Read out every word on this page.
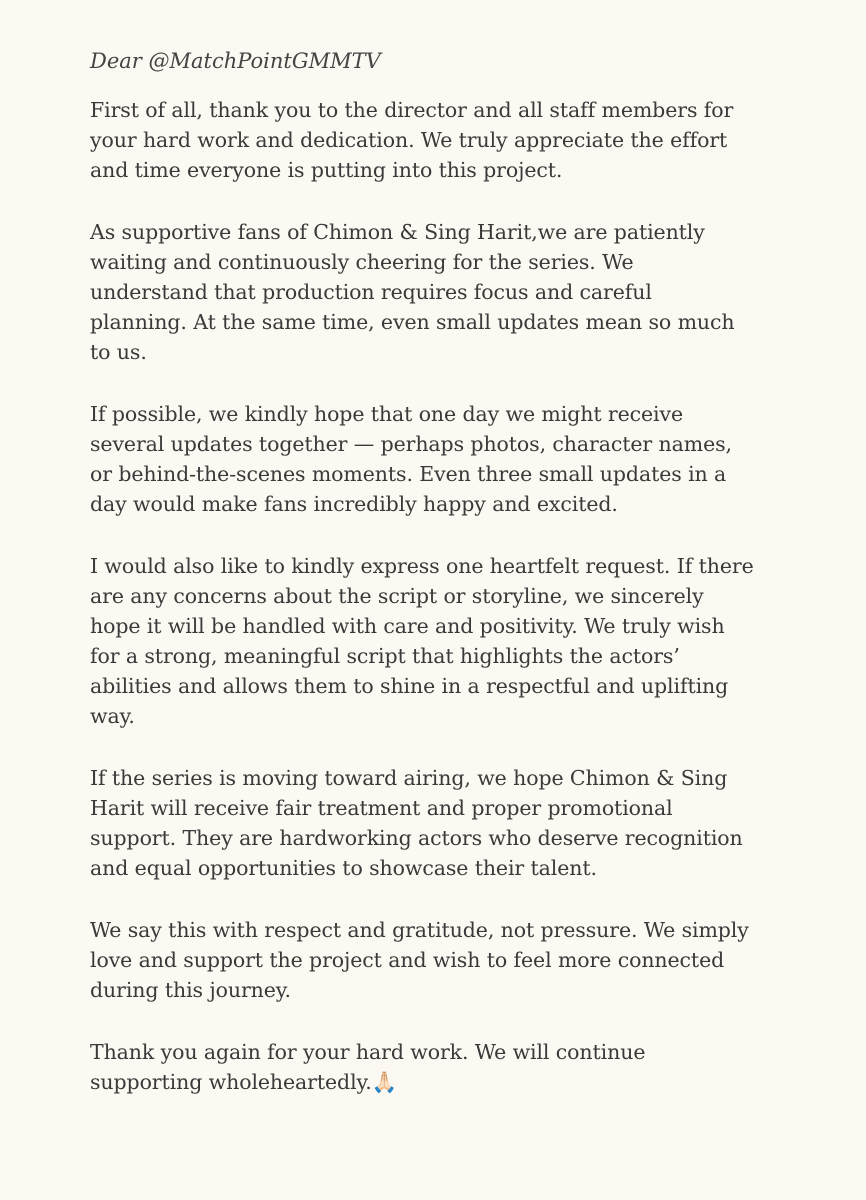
Dear @MatchPointGMMTV

First of all, thank you to the director and all staff members for
your hard work and dedication. We truly appreciate the effort
and time everyone is putting into this project.

As supportive fans of Chimon & Sing Harit,we are patiently
waiting and continuously cheering for the series. We
understand that production requires focus and careful
planning. At the same time, even small updates mean so much
to us.

If possible, we kindly hope that one day we might receive
several updates together — perhaps photos, character names,
or behind-the-scenes moments. Even three small updates in a
day would make fans incredibly happy and excited.

I would also like to kindly express one heartfelt request. If there
are any concerns about the script or storyline, we sincerely
hope it will be handled with care and positivity. We truly wish
for a strong, meaningful script that highlights the actors’
abilities and allows them to shine in a respectful and uplifting
way.

If the series is moving toward airing, we hope Chimon & Sing
Harit will receive fair treatment and proper promotional
support. They are hardworking actors who deserve recognition
and equal opportunities to showcase their talent.

We say this with respect and gratitude, not pressure. We simply
love and support the project and wish to feel more connected
during this journey.

Thank you again for your hard work. We will continue
supporting wholeheartedly.🙏🏻
